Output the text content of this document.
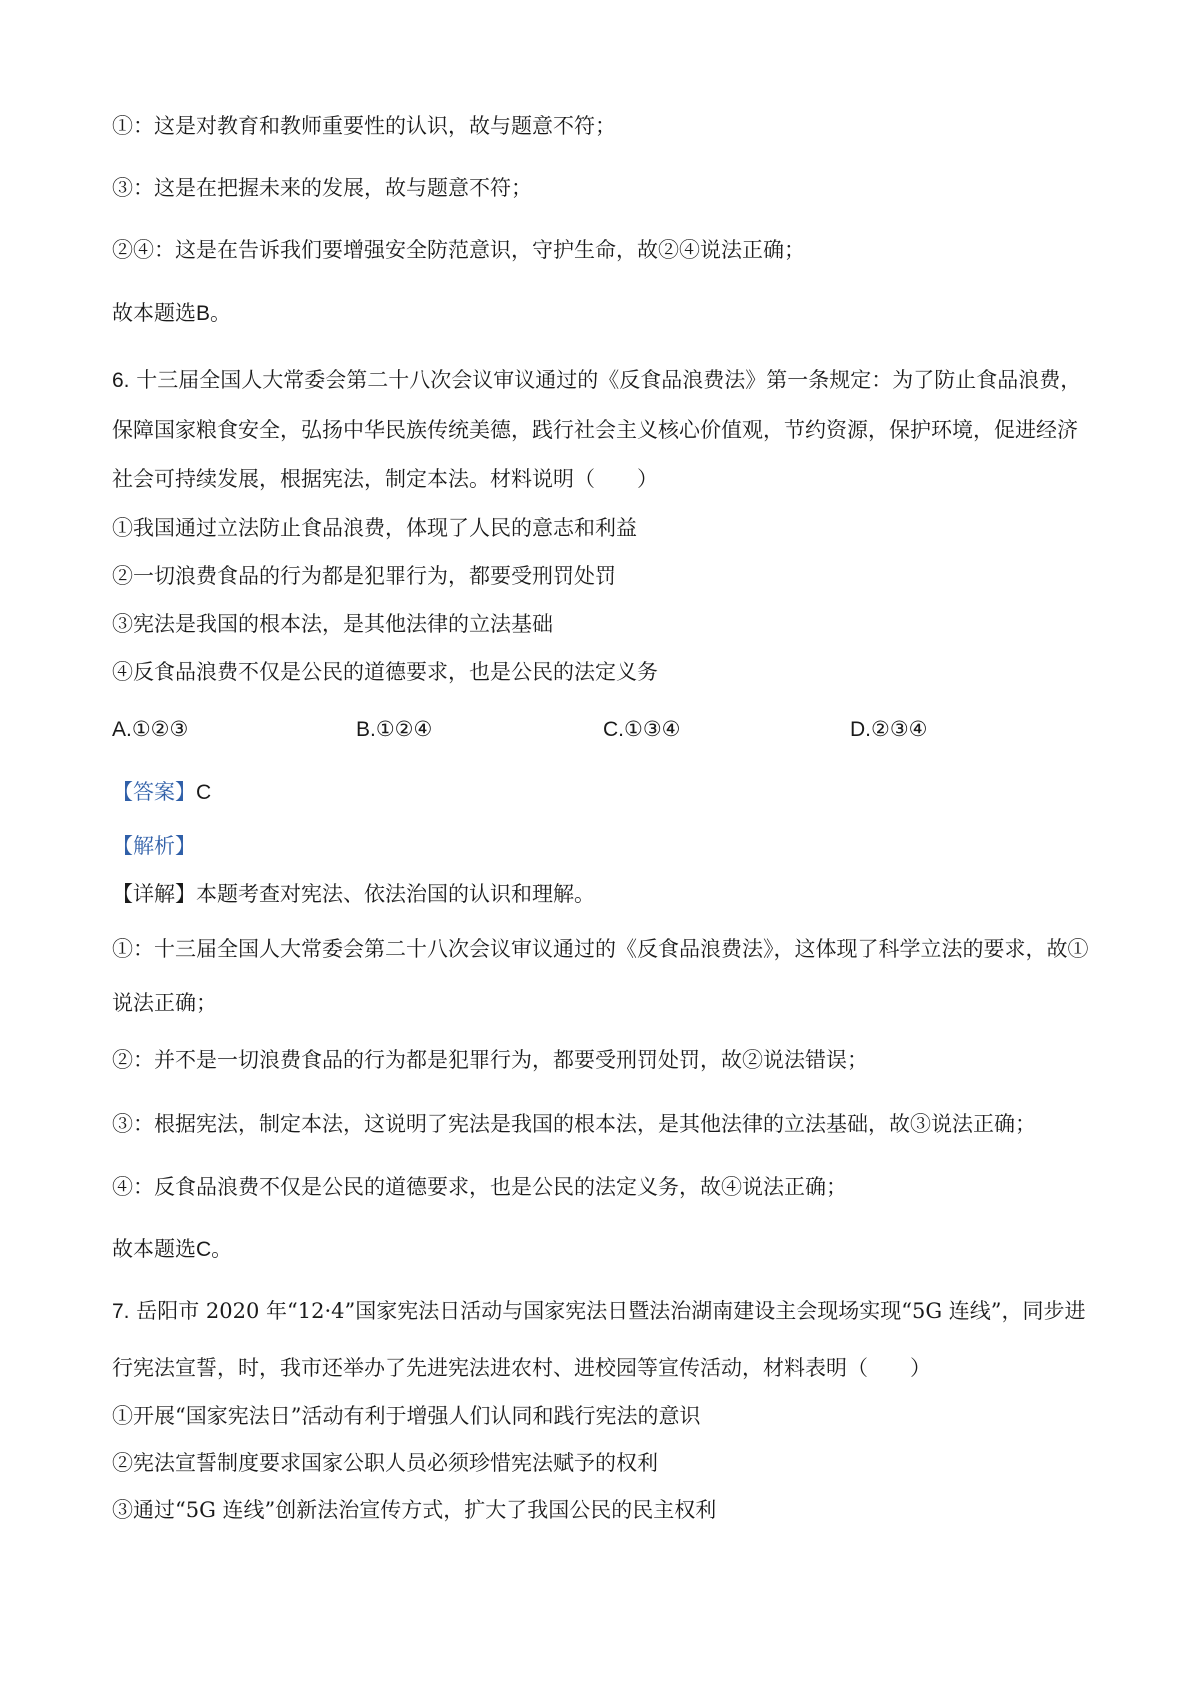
①：这是对教育和教师重要性的认识，故与题意不符；
③：这是在把握未来的发展，故与题意不符；
②④：这是在告诉我们要增强安全防范意识，守护生命，故②④说法正确；
故本题选B。
6. 十三届全国人大常委会第二十八次会议审议通过的《反食品浪费法》第一条规定：为了防止食品浪费，
保障国家粮食安全，弘扬中华民族传统美德，践行社会主义核心价值观，节约资源，保护环境，促进经济
社会可持续发展，根据宪法，制定本法。材料说明（　　）
①我国通过立法防止食品浪费，体现了人民的意志和利益
②一切浪费食品的行为都是犯罪行为，都要受刑罚处罚
③宪法是我国的根本法，是其他法律的立法基础
④反食品浪费不仅是公民的道德要求，也是公民的法定义务
A.①②③	B.①②④	C.①③④	D.②③④
【答案】C
【解析】
【详解】本题考查对宪法、依法治国的认识和理解。
①：十三届全国人大常委会第二十八次会议审议通过的《反食品浪费法》，这体现了科学立法的要求，故①
说法正确；
②：并不是一切浪费食品的行为都是犯罪行为，都要受刑罚处罚，故②说法错误；
③：根据宪法，制定本法，这说明了宪法是我国的根本法，是其他法律的立法基础，故③说法正确；
④：反食品浪费不仅是公民的道德要求，也是公民的法定义务，故④说法正确；
故本题选C。
7. 岳阳市 2020 年“12·4”国家宪法日活动与国家宪法日暨法治湖南建设主会现场实现“5G 连线”，同步进
行宪法宣誓，时，我市还举办了先进宪法进农村、进校园等宣传活动，材料表明（　　）
①开展“国家宪法日”活动有利于增强人们认同和践行宪法的意识
②宪法宣誓制度要求国家公职人员必须珍惜宪法赋予的权利
③通过“5G 连线”创新法治宣传方式，扩大了我国公民的民主权利
